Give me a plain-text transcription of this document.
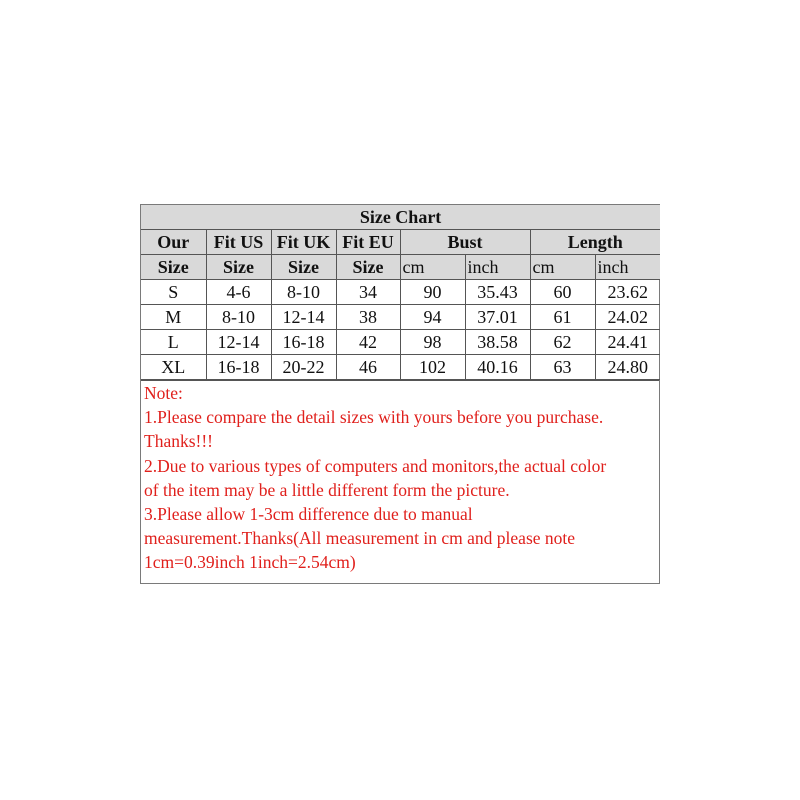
Size Chart							
Our	Fit US	Fit UK	Fit EU	Bust		Length	
Size	Size	Size	Size	cm	inch	cm	inch
S	4-6	8-10	34	90	35.43	60	23.62
M	8-10	12-14	38	94	37.01	61	24.02
L	12-14	16-18	42	98	38.58	62	24.41
XL	16-18	20-22	46	102	40.16	63	24.80
Note:
1.Please compare the detail sizes with yours before you purchase.
Thanks!!!
2.Due to various types of computers and monitors,the actual color
of the item may be a little different form the picture.
3.Please allow 1-3cm difference due to manual
measurement.Thanks(All measurement in cm and please note
1cm=0.39inch 1inch=2.54cm)
